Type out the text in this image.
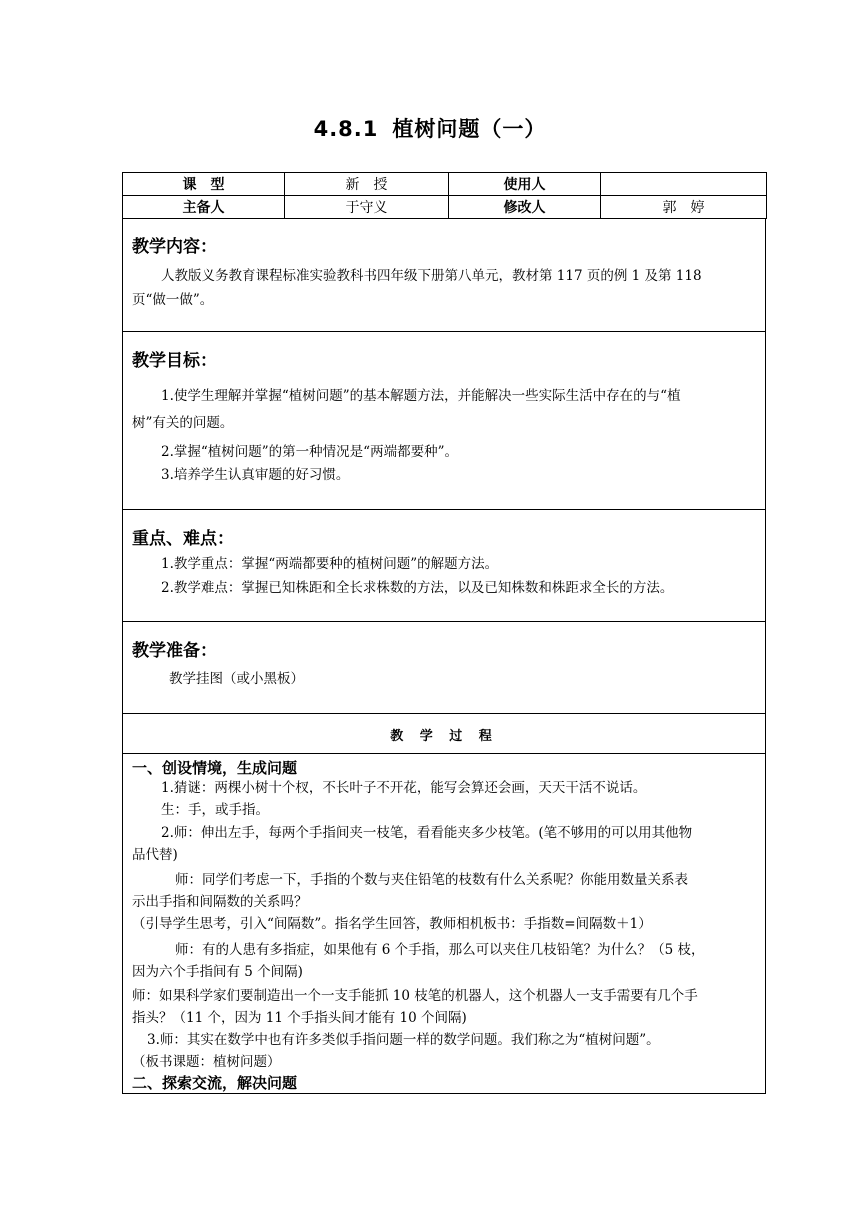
4.8.1 植树问题（一）
课　型	新　授	使用人	
主备人	于守义	修改人	郭　婷
教学内容：
人教版义务教育课程标准实验教科书四年级下册第八单元，教材第 117 页的例 1 及第 118
页“做一做”。
教学目标：
1.使学生理解并掌握“植树问题”的基本解题方法，并能解决一些实际生活中存在的与“植
树”有关的问题。
2.掌握“植树问题”的第一种情况是“两端都要种”。
3.培养学生认真审题的好习惯。
重点、难点：
1.教学重点：掌握“两端都要种的植树问题”的解题方法。
2.教学难点：掌握已知株距和全长求株数的方法，以及已知株数和株距求全长的方法。
教学准备：
教学挂图（或小黑板）
教 学 过 程
一、创设情境，生成问题
1.猜谜：两棵小树十个杈，不长叶子不开花，能写会算还会画，天天干活不说话。
生：手，或手指。
2.师：伸出左手，每两个手指间夹一枝笔，看看能夹多少枝笔。(笔不够用的可以用其他物
品代替)
师：同学们考虑一下，手指的个数与夹住铅笔的枝数有什么关系呢？你能用数量关系表
示出手指和间隔数的关系吗？
（引导学生思考，引入“间隔数”。指名学生回答，教师相机板书：手指数=间隔数＋1）
师：有的人患有多指症，如果他有 6 个手指，那么可以夹住几枝铅笔？为什么？（5 枝，
因为六个手指间有 5 个间隔)
师：如果科学家们要制造出一个一支手能抓 10 枝笔的机器人，这个机器人一支手需要有几个手
指头？（11 个，因为 11 个手指头间才能有 10 个间隔)
3.师：其实在数学中也有许多类似手指问题一样的数学问题。我们称之为“植树问题”。
（板书课题：植树问题）
二、探索交流，解决问题
